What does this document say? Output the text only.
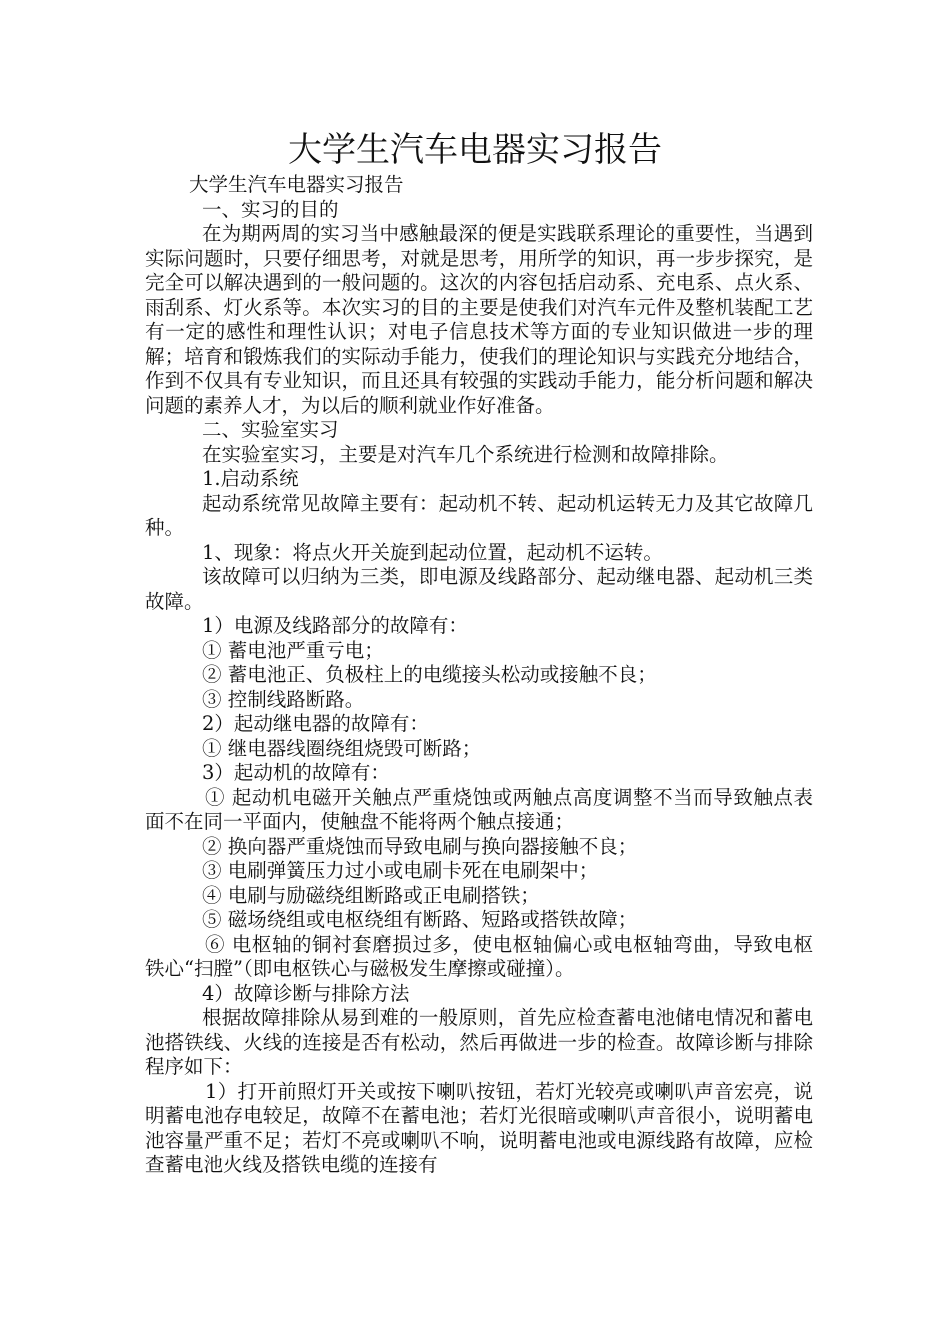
大学生汽车电器实习报告

大学生汽车电器实习报告

一、实习的目的

在为期两周的实习当中感触最深的便是实践联系理论的重要性，当遇到实际问题时，只要仔细思考，对就是思考，用所学的知识，再一步步探究，是完全可以解决遇到的一般问题的。这次的内容包括启动系、充电系、点火系、雨刮系、灯火系等。本次实习的目的主要是使我们对汽车元件及整机装配工艺有一定的感性和理性认识；对电子信息技术等方面的专业知识做进一步的理解；培育和锻炼我们的实际动手能力，使我们的理论知识与实践充分地结合，作到不仅具有专业知识，而且还具有较强的实践动手能力，能分析问题和解决问题的素养人才，为以后的顺利就业作好准备。

二、实验室实习

在实验室实习，主要是对汽车几个系统进行检测和故障排除。

1.启动系统

起动系统常见故障主要有：起动机不转、起动机运转无力及其它故障几种。

1、现象：将点火开关旋到起动位置，起动机不运转。

该故障可以归纳为三类，即电源及线路部分、起动继电器、起动机三类故障。

1）电源及线路部分的故障有：

① 蓄电池严重亏电；

② 蓄电池正、负极柱上的电缆接头松动或接触不良；

③ 控制线路断路。

2）起动继电器的故障有：

① 继电器线圈绕组烧毁可断路；

3）起动机的故障有：

① 起动机电磁开关触点严重烧蚀或两触点高度调整不当而导致触点表面不在同一平面内，使触盘不能将两个触点接通；

② 换向器严重烧蚀而导致电刷与换向器接触不良；

③ 电刷弹簧压力过小或电刷卡死在电刷架中；

④ 电刷与励磁绕组断路或正电刷搭铁；

⑤ 磁场绕组或电枢绕组有断路、短路或搭铁故障；

⑥ 电枢轴的铜衬套磨损过多，使电枢轴偏心或电枢轴弯曲，导致电枢铁心“扫膛”（即电枢铁心与磁极发生摩擦或碰撞）。

4）故障诊断与排除方法

根据故障排除从易到难的一般原则，首先应检查蓄电池储电情况和蓄电池搭铁线、火线的连接是否有松动，然后再做进一步的检查。故障诊断与排除程序如下：

1）打开前照灯开关或按下喇叭按钮，若灯光较亮或喇叭声音宏亮，说明蓄电池存电较足，故障不在蓄电池；若灯光很暗或喇叭声音很小，说明蓄电池容量严重不足；若灯不亮或喇叭不响，说明蓄电池或电源线路有故障，应检查蓄电池火线及搭铁电缆的连接有
